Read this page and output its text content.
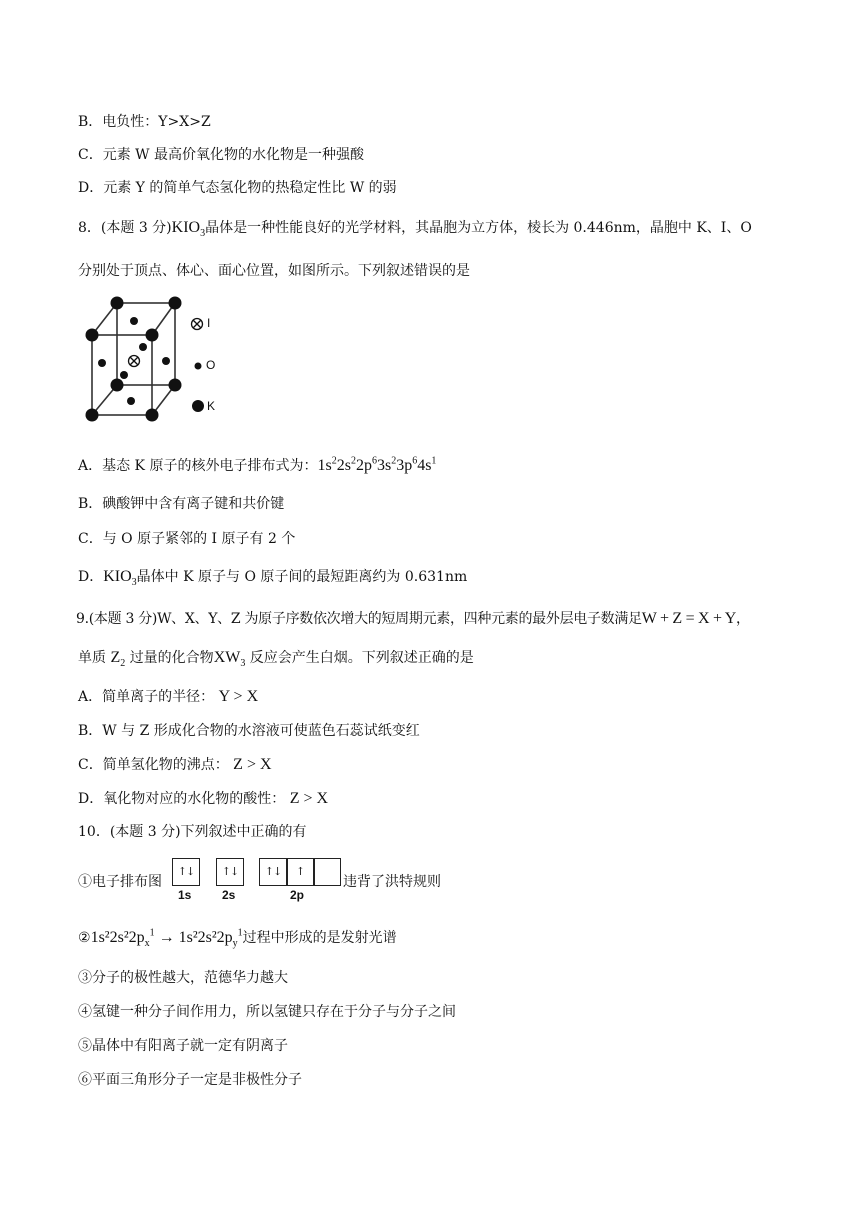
B．电负性：Y>X>Z
C．元素 W 最高价氧化物的水化物是一种强酸
D．元素 Y 的简单气态氢化物的热稳定性比 W 的弱
8．(本题 3 分)$KIO_3$晶体是一种性能良好的光学材料，其晶胞为立方体，棱长为 0.446nm，晶胞中 K、I、O
分别处于顶点、体心、面心位置，如图所示。下列叙述错误的是
I
O
K
A．基态 K 原子的核外电子排布式为：$1s^22s^22p^63s^23p^64s^1$
B．碘酸钾中含有离子键和共价键
C．与 O 原子紧邻的 I 原子有 2 个
D．$KIO_3$晶体中 K 原子与 O 原子间的最短距离约为 0.631nm
9.(本题 3 分)W、X、Y、Z 为原子序数依次增大的短周期元素，四种元素的最外层电子数满足W + Z = X + Y，
单质 $Z_2$ 过量的化合物$XW_3$ 反应会产生白烟。下列叙述正确的是
A．简单离子的半径： Y > X
B．W 与 Z 形成化合物的水溶液可使蓝色石蕊试纸变红
C．简单氢化物的沸点： Z > X
D．氧化物对应的水化物的酸性： Z > X
10．(本题 3 分)下列叙述中正确的有
①电子排布图
↑↓	↑↓	↑↓	↑
1s	2s	2p
违背了洪特规则
$②1s^22s^22p_x^1 \to 1s^22s^22p_y^1$过程中形成的是发射光谱
③分子的极性越大，范德华力越大
④氢键一种分子间作用力，所以氢键只存在于分子与分子之间
⑤晶体中有阳离子就一定有阴离子
⑥平面三角形分子一定是非极性分子
